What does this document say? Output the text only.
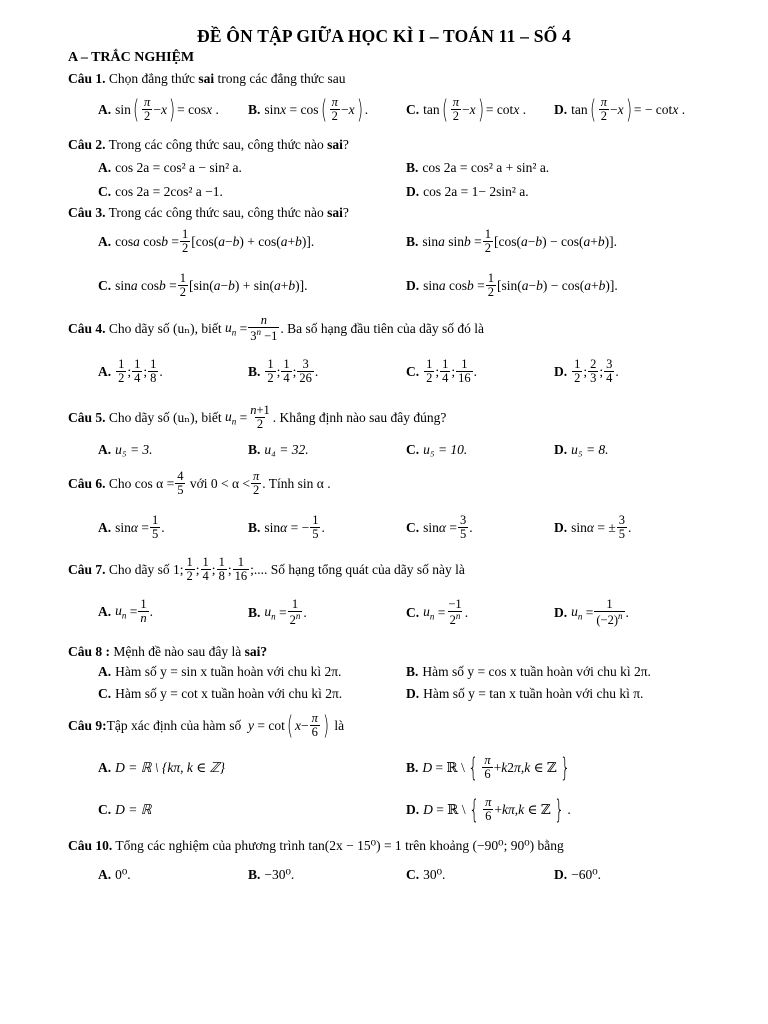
ĐỀ ÔN TẬP GIỮA HỌC KÌ I – TOÁN 11 – SỐ 4
A – TRẮC NGHIỆM
Câu 1. Chọn đẳng thức sai trong các đẳng thức sau
A. sin ( $\frac{\pi}{2} - x$ ) = cos x . B. sin x = cos ( $\frac{\pi}{2} - x$ ) .	C. tan ( $\frac{\pi}{2} - x$ ) = cot x . D. tan ( $\frac{\pi}{2} - x$ ) = − cot x .
Câu 2. Trong các công thức sau, công thức nào sai?
A. cos 2a = cos² a − sin² a.	B. cos 2a = cos² a + sin² a.
C. cos 2a = 2cos² a −1.	D. cos 2a = 1− 2sin² a.
Câu 3. Trong các công thức sau, công thức nào sai?
A. cos a $\cos b = \frac{1}{2} [\cos$( a − b ) + cos( a + b )].	B. sin a $\sin b = \frac{1}{2} [\cos$( a − b ) − cos( a + b )].
C. sin a $\cos b = \frac{1}{2} [\sin$( a − b ) + sin( a + b )].	D. sin a $\cos b = \frac{1}{2} [\sin$( a − b ) − cos( a + b )].
Câu 4.
Cho dãy số (uₙ), biết
$u_n = \frac{n}{3^n -1}$ . Ba số hạng đầu tiên của dãy số đó là
A. $\frac{1}{2}$ ; $\frac{1}{4}$ ; $\frac{1}{8}$ .	B. $\frac{1}{2}$ ; $\frac{1}{4}$ ; $\frac{3}{26}$ .	C. $\frac{1}{2}$ ; $\frac{1}{4}$ ; $\frac{1}{16}$ .	D. $\frac{1}{2}$ ; $\frac{2}{3}$ ; $\frac{3}{4}$ .
Câu 5.
Cho dãy số (uₙ), biết
$u_n = \frac{n+1}{2}$ . Khẳng định nào sau đây đúng?
A. u₅ = 3.	B. u₄ = 32.	C. u₅ = 10.	D. u₅ = 8.
Câu 6.
Cho $\cos \alpha = \frac{4}{5}$
với $0 < \alpha < \frac{\pi}{2}$ . Tính sin α .
A. $\sin \alpha = \frac{1}{5}$ .	B. sin α = − $\frac{1}{5}$ .	C. $\sin \alpha = \frac{3}{5}$ .	D. sin α = ± $\frac{3}{5}$ .
Câu 7.
Cho dãy số 1; $\frac{1}{2}$ ; $\frac{1}{4}$ ; $\frac{1}{8}$ ; $\frac{1}{16}$ ;.... Số hạng tổng quát của dãy số này là
A. $u_n = \frac{1}{n}$ .	B. $u_n = \frac{1}{2^n}$ .	C. $u_n = \frac{-1}{2^n}$ .	D. $u_n = \frac{1}{(-2)^n}$ .
Câu 8 : Mệnh đề nào sau đây là sai?
A. Hàm số y = sin x tuần hoàn với chu kì 2π.	B. Hàm số y = cos x tuần hoàn với chu kì 2π.
C. Hàm số y = cot x tuần hoàn với chu kì 2π.	D. Hàm số y = tan x tuần hoàn với chu kì π.
Câu 9: Tập xác định của hàm số
y = cot ( $x - \frac{\pi}{6}$ )
là
A. D = ℝ \ {kπ, k ∈ ℤ}	B. D = ℝ \ { $\frac{\pi}{6} + k$ 2 π , k ∈ ℤ }
C. D = ℝ	D. D = ℝ \ { $\frac{\pi}{6} + k\pi$ , k ∈ ℤ } .
Câu 10. Tổng các nghiệm của phương trình tan(2x − 15⁰) = 1 trên khoảng (−90⁰; 90⁰) bằng
A. 0⁰.	B. −30⁰.	C. 30⁰.	D. −60⁰.
